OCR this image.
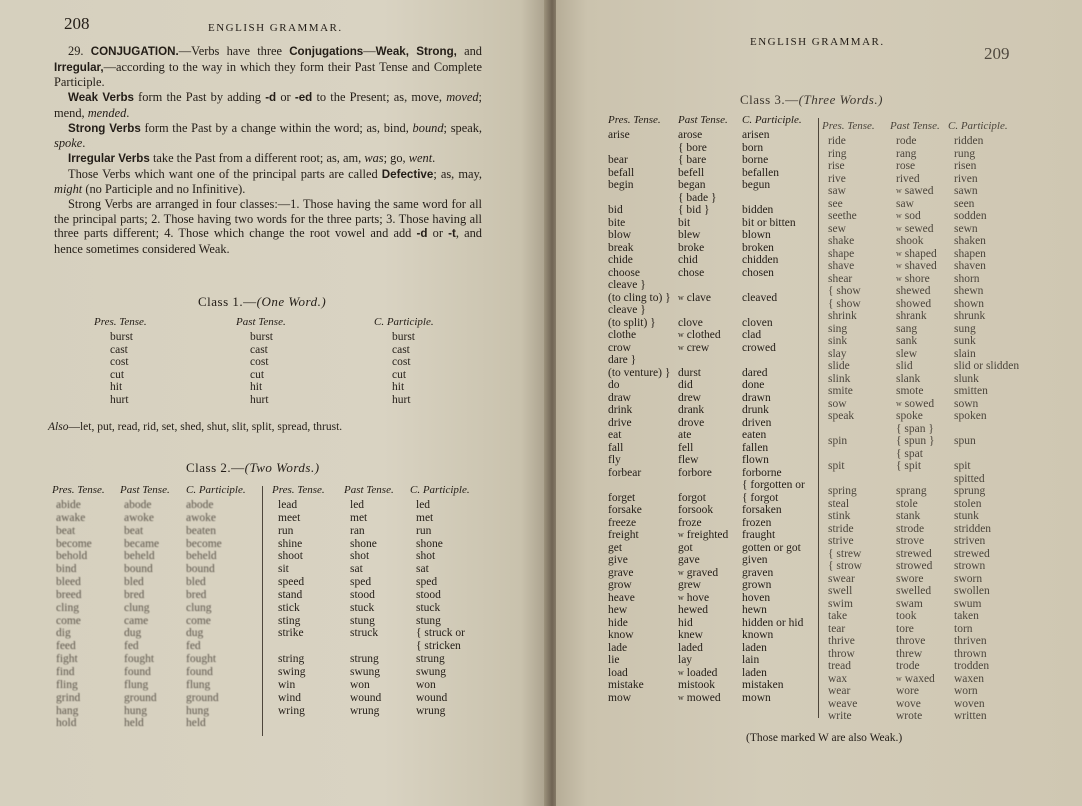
208	ENGLISH GRAMMAR.

29. CONJUGATION.—Verbs have three Conjugations—Weak, Strong, and Irregular,—according to the way in which they form their Past Tense and Complete Participle.

Weak Verbs form the Past by adding -d or -ed to the Present; as, move, moved; mend, mended.

Strong Verbs form the Past by a change within the word; as, bind, bound; speak, spoke.

Irregular Verbs take the Past from a different root; as, am, was; go, went.

Those Verbs which want one of the principal parts are called Defective; as, may, might (no Participle and no Infinitive).

Strong Verbs are arranged in four classes:—1. Those having the same word for all the principal parts; 2. Those having two words for the three parts; 3. Those having all three parts different; 4. Those which change the root vowel and add -d or -t, and hence sometimes considered Weak.

Class 1.—(One Word.)
Pres. Tense.
burst
cast
cost
cut
hit
hurt
Past Tense.
burst
cast
cost
cut
hit
hurt
C. Participle.
burst
cast
cost
cut
hit
hurt
Also—let, put, read, rid, set, shed, shut, slit, split, spread, thrust.
Class 2.—(Two Words.)
Pres. Tense.
abide
awake
beat
become
behold
bind
bleed
breed
cling
come
dig
feed
fight
find
fling
grind
hang
hold
Past Tense.
abode
awoke
beat
became
beheld
bound
bled
bred
clung
came
dug
fed
fought
found
flung
ground
hung
held
C. Participle.
abode
awoke
beaten
become
beheld
bound
bled
bred
clung
come
dug
fed
fought
found
flung
ground
hung
held
Pres. Tense.
lead
meet
run
shine
shoot
sit
speed
stand
stick
sting
strike
string
swing
win
wind
wring
Past Tense.
led
met
ran
shone
shot
sat
sped
stood
stuck
stung
struck
strung
swung
won
wound
wrung
C. Participle.
led
met
run
shone
shot
sat
sped
stood
stuck
stung
{ struck or
{ stricken
strung
swung
won
wound
wrung
ENGLISH GRAMMAR.
209
Class 3.—(Three Words.)
Pres. Tense.
arise
bear
befall
begin
bid
bite
blow
break
chide
choose
cleave }
(to cling to) }
cleave }
(to split) }
clothe
crow
dare }
(to venture) }
do
draw
drink
drive
eat
fall
fly
forbear
forget
forsake
freeze
freight
get
give
grave
grow
heave
hew
hide
know
lade
lie
load
mistake
mow
Past Tense.
arose
{ bore
{ bare
befell
began
{ bade }
{ bid }
bit
blew
broke
chid
chose
w clave
clove
w clothed
w crew
durst
did
drew
drank
drove
ate
fell
flew
forbore
forgot
forsook
froze
w freighted
got
gave
w graved
grew
w hove
hewed
hid
knew
laded
lay
w loaded
mistook
w mowed
C. Participle.
arisen
born
borne
befallen
begun
bidden
bit or bitten
blown
broken
chidden
chosen
cleaved
cloven
clad
crowed
dared
done
drawn
drunk
driven
eaten
fallen
flown
forborne
{ forgotten or
{ forgot
forsaken
frozen
fraught
gotten or got
given
graven
grown
hoven
hewn
hidden or hid
known
laden
lain
laden
mistaken
mown
Pres. Tense.
ride
ring
rise
rive
saw
see
seethe
sew
shake
shape
shave
shear
{ show
{ show
shrink
sing
sink
slay
slide
slink
smite
sow
speak
spin
spit
spring
steal
stink
stride
strive
{ strew
{ strow
swear
swell
swim
take
tear
thrive
throw
tread
wax
wear
weave
write
Past Tense.
rode
rang
rose
rived
w sawed
saw
w sod
w sewed
shook
w shaped
w shaved
w shore
shewed
showed
shrank
sang
sank
slew
slid
slank
smote
w sowed
spoke
{ span }
{ spun }
{ spat
{ spit
sprang
stole
stank
strode
strove
strewed
strowed
swore
swelled
swam
took
tore
throve
threw
trode
w waxed
wore
wove
wrote
C. Participle.
ridden
rung
risen
riven
sawn
seen
sodden
sewn
shaken
shapen
shaven
shorn
shewn
shown
shrunk
sung
sunk
slain
slid or slidden
slunk
smitten
sown
spoken
spun
spit
spitted
sprung
stolen
stunk
stridden
striven
strewed
strown
sworn
swollen
swum
taken
torn
thriven
thrown
trodden
waxen
worn
woven
written
(Those marked W are also Weak.)
